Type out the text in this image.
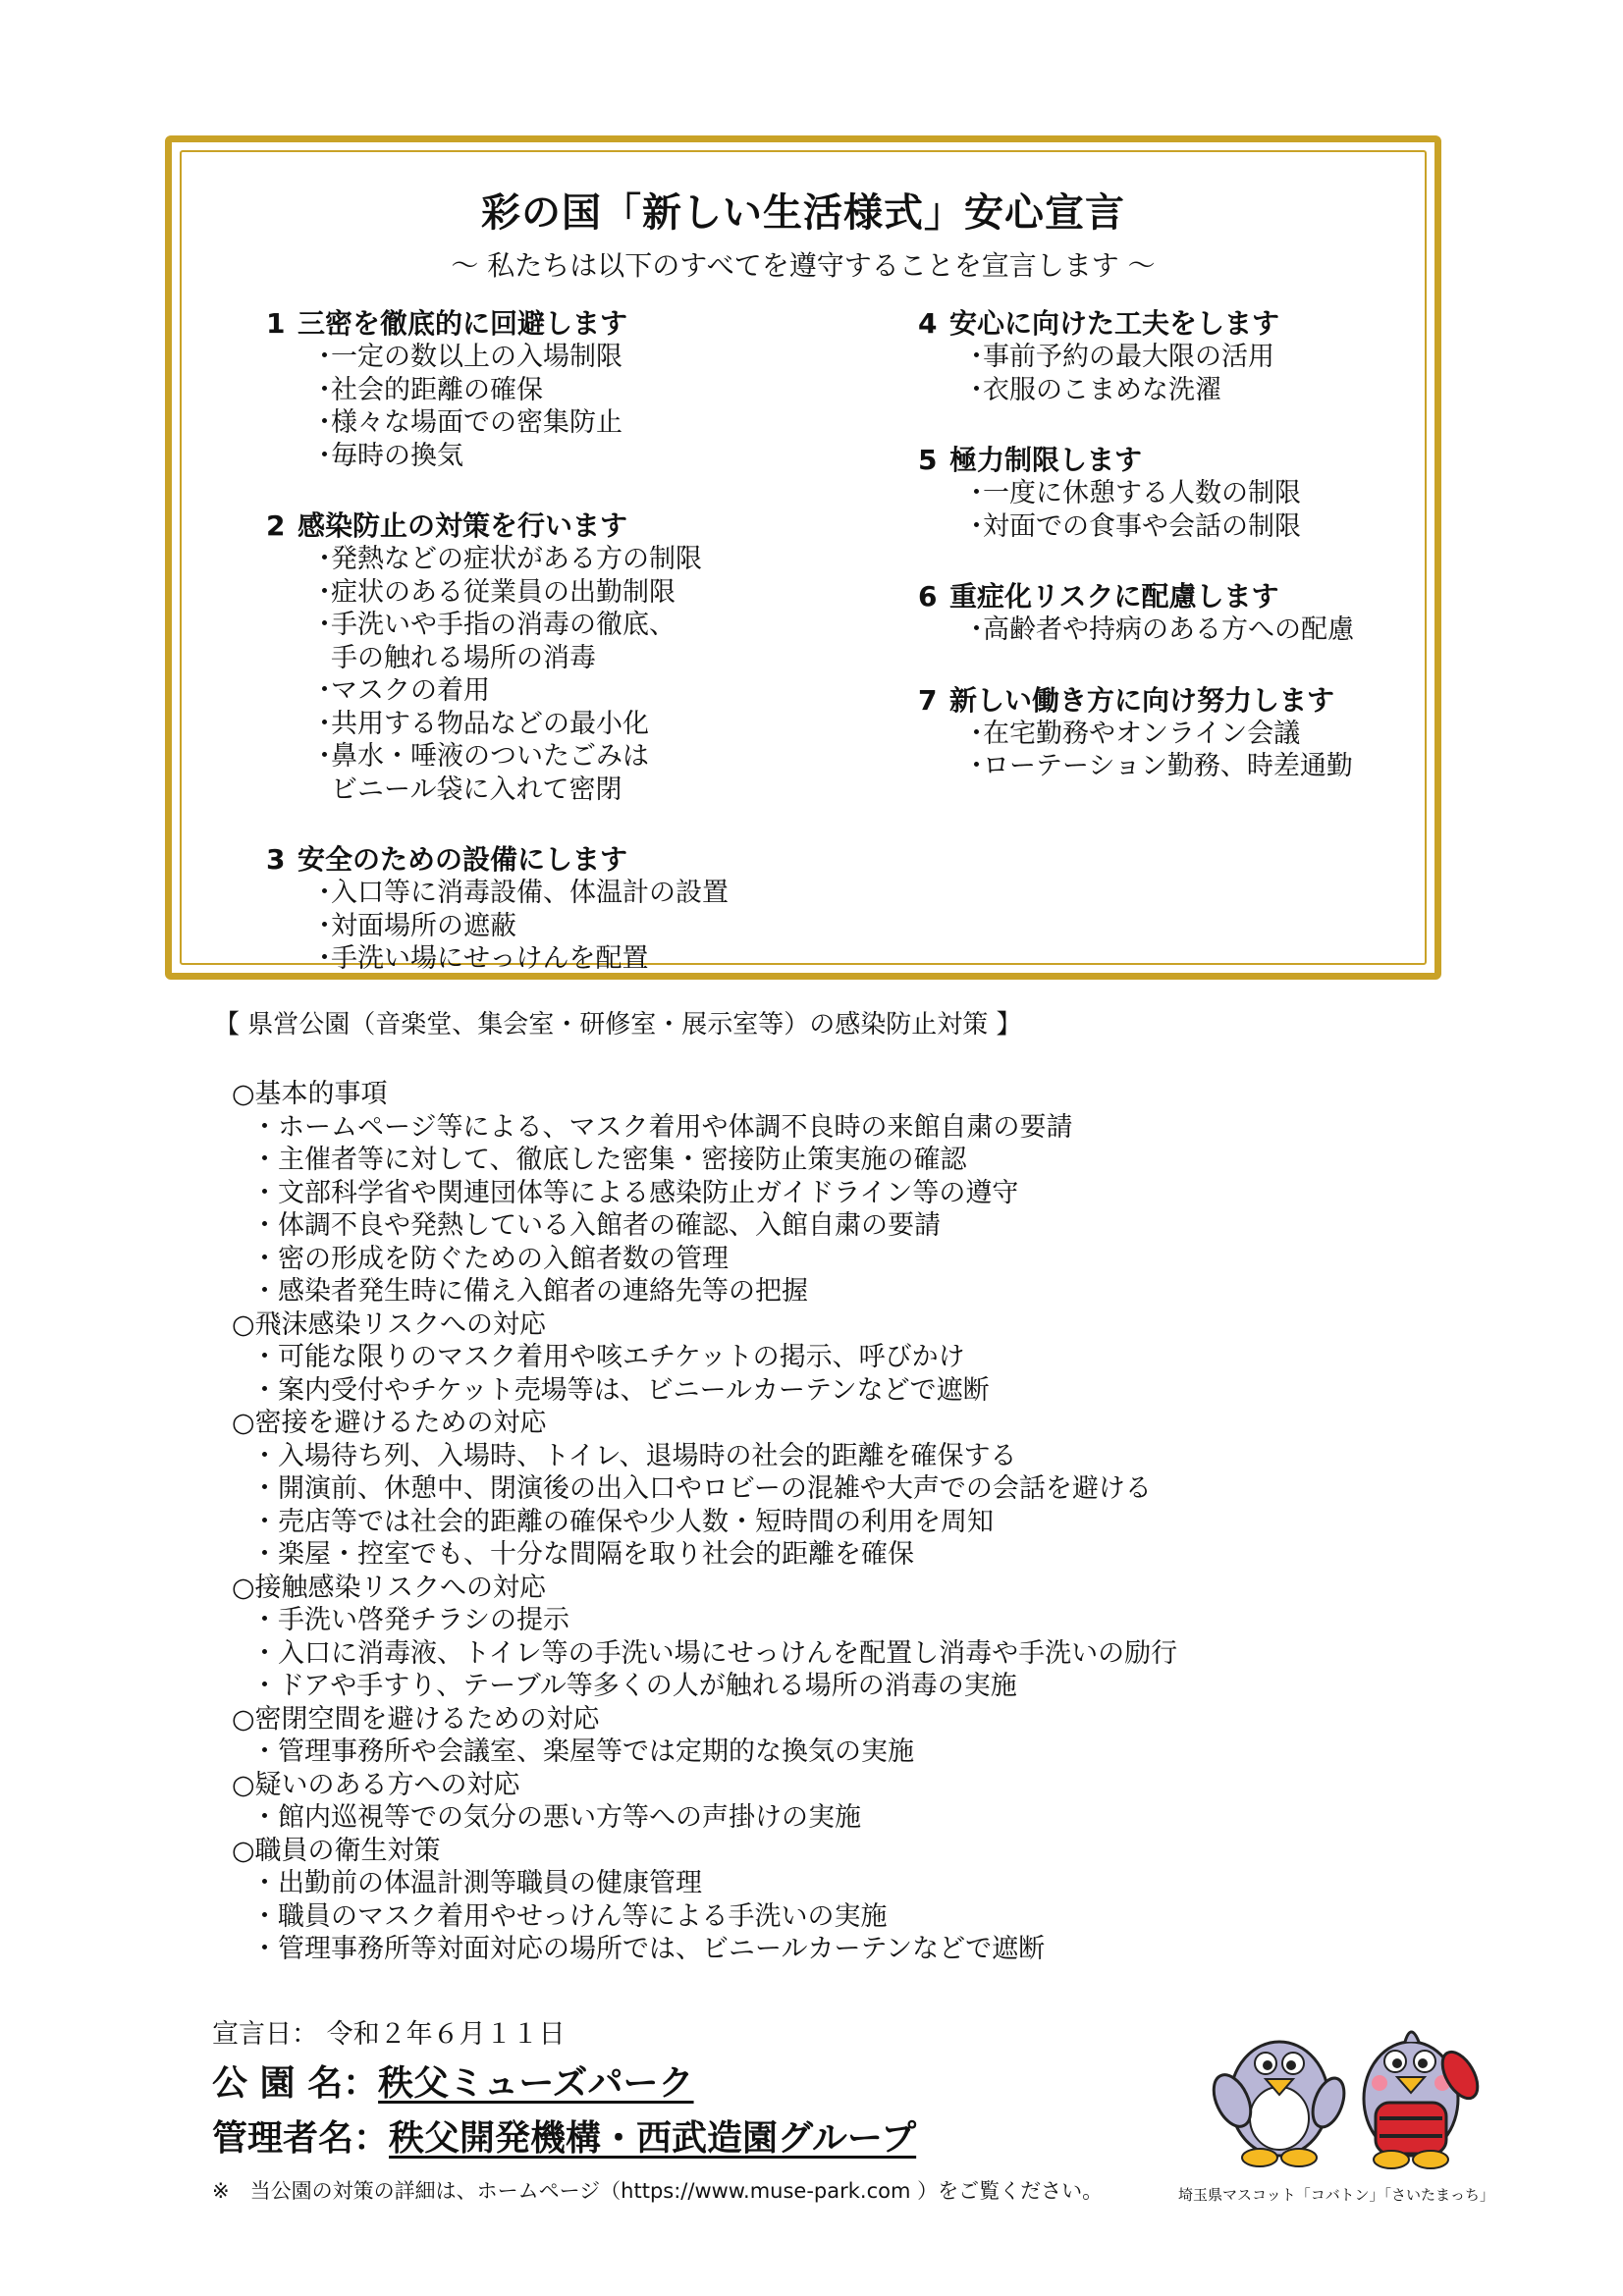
彩の国「新しい生活様式」安心宣言

～ 私たちは以下のすべてを遵守することを宣言します ～

1 三密を徹底的に回避します

・一定の数以上の入場制限
・社会的距離の確保
・様々な場面での密集防止
・毎時の換気

2 感染防止の対策を行います

・発熱などの症状がある方の制限
・症状のある従業員の出勤制限
・手洗いや手指の消毒の徹底、
手の触れる場所の消毒
・マスクの着用
・共用する物品などの最小化
・鼻水・唾液のついたごみは
ビニール袋に入れて密閉

3 安全のための設備にします

・入口等に消毒設備、体温計の設置
・対面場所の遮蔽
・手洗い場にせっけんを配置

4 安心に向けた工夫をします

・事前予約の最大限の活用
・衣服のこまめな洗濯

5 極力制限します

・一度に休憩する人数の制限
・対面での食事や会話の制限

6 重症化リスクに配慮します

・高齢者や持病のある方への配慮

7 新しい働き方に向け努力します

・在宅勤務やオンライン会議
・ローテーション勤務、時差通勤

【 県営公園（音楽堂、集会室・研修室・展示室等）の感染防止対策 】

○基本的事項

・ホームページ等による、マスク着用や体調不良時の来館自粛の要請

・主催者等に対して、徹底した密集・密接防止策実施の確認

・文部科学省や関連団体等による感染防止ガイドライン等の遵守

・体調不良や発熱している入館者の確認、入館自粛の要請

・密の形成を防ぐための入館者数の管理

・感染者発生時に備え入館者の連絡先等の把握

○飛沫感染リスクへの対応

・可能な限りのマスク着用や咳エチケットの掲示、呼びかけ

・案内受付やチケット売場等は、ビニールカーテンなどで遮断

○密接を避けるための対応

・入場待ち列、入場時、トイレ、退場時の社会的距離を確保する

・開演前、休憩中、閉演後の出入口やロビーの混雑や大声での会話を避ける

・売店等では社会的距離の確保や少人数・短時間の利用を周知

・楽屋・控室でも、十分な間隔を取り社会的距離を確保

○接触感染リスクへの対応

・手洗い啓発チラシの提示

・入口に消毒液、トイレ等の手洗い場にせっけんを配置し消毒や手洗いの励行

・ドアや手すり、テーブル等多くの人が触れる場所の消毒の実施

○密閉空間を避けるための対応

・管理事務所や会議室、楽屋等では定期的な換気の実施

○疑いのある方への対応

・館内巡視等での気分の悪い方等への声掛けの実施

○職員の衛生対策

・出勤前の体温計測等職員の健康管理

・職員のマスク着用やせっけん等による手洗いの実施

・管理事務所等対面対応の場所では、ビニールカーテンなどで遮断

宣言日： 令和２年６月１１日
公 園 名：秩父ミューズパーク
管理者名：秩父開発機構・西武造園グループ
※　当公園の対策の詳細は、ホームページ（https://www.muse-park.com ）をご覧ください。	埼玉県マスコット「コバトン」「さいたまっち」
